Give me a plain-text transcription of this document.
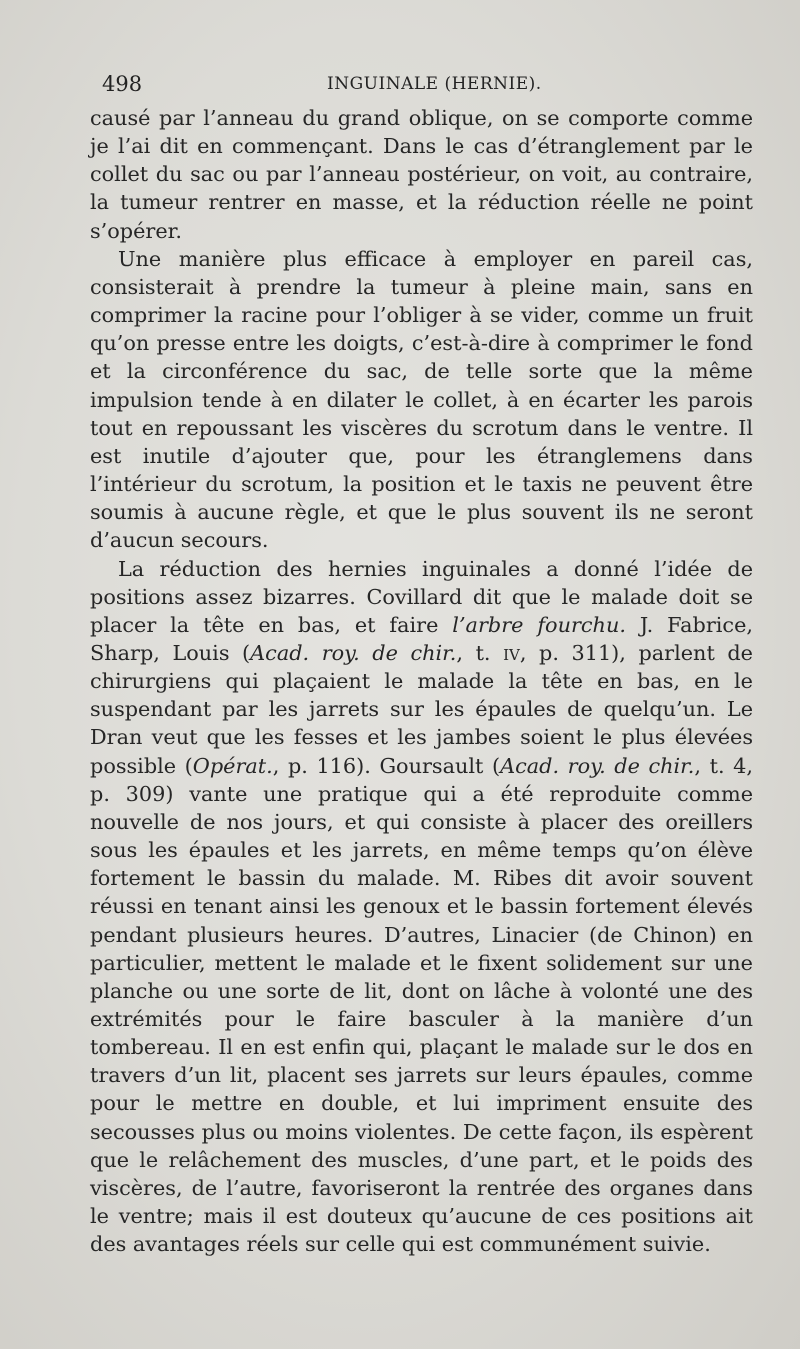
498	INGUINALE (HERNIE).

causé par l’anneau du grand oblique, on se comporte comme je l’ai dit en commençant. Dans le cas d’étranglement par le collet du sac ou par l’anneau postérieur, on voit, au contraire, la tumeur rentrer en masse, et la réduction réelle ne point s’opérer.

Une manière plus efficace à employer en pareil cas, consisterait à prendre la tumeur à pleine main, sans en comprimer la racine pour l’obliger à se vider, comme un fruit qu’on presse entre les doigts, c’est-à-dire à comprimer le fond et la circonférence du sac, de telle sorte que la même impulsion tende à en dilater le collet, à en écarter les parois tout en repoussant les viscères du scrotum dans le ventre. Il est inutile d’ajouter que, pour les étranglemens dans l’intérieur du scrotum, la position et le taxis ne peuvent être soumis à aucune règle, et que le plus souvent ils ne seront d’aucun secours.

La réduction des hernies inguinales a donné l’idée de positions assez bizarres. Covillard dit que le malade doit se placer la tête en bas, et faire l’arbre fourchu. J. Fabrice, Sharp, Louis (Acad. roy. de chir., t. iv, p. 311), parlent de chirurgiens qui plaçaient le malade la tête en bas, en le suspendant par les jarrets sur les épaules de quelqu’un. Le Dran veut que les fesses et les jambes soient le plus élevées possible (Opérat., p. 116). Goursault (Acad. roy. de chir., t. 4, p. 309) vante une pratique qui a été reproduite comme nouvelle de nos jours, et qui consiste à placer des oreillers sous les épaules et les jarrets, en même temps qu’on élève fortement le bassin du malade. M. Ribes dit avoir souvent réussi en tenant ainsi les genoux et le bassin fortement élevés pendant plusieurs heures. D’autres, Linacier (de Chinon) en particulier, mettent le malade et le fixent solidement sur une planche ou une sorte de lit, dont on lâche à volonté une des extrémités pour le faire basculer à la manière d’un tombereau. Il en est enfin qui, plaçant le malade sur le dos en travers d’un lit, placent ses jarrets sur leurs épaules, comme pour le mettre en double, et lui impriment ensuite des secousses plus ou moins violentes. De cette façon, ils espèrent que le relâchement des muscles, d’une part, et le poids des viscères, de l’autre, favoriseront la rentrée des organes dans le ventre; mais il est douteux qu’aucune de ces positions ait des avantages réels sur celle qui est communément suivie.
